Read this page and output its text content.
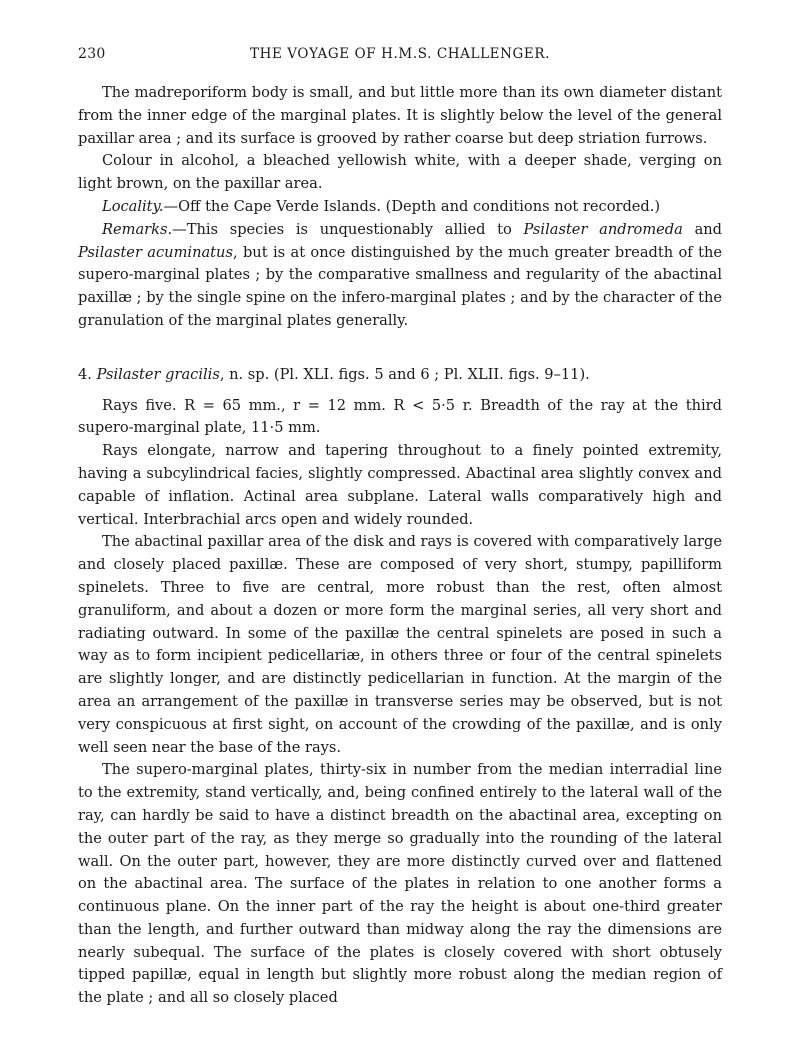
230	THE VOYAGE OF H.M.S. CHALLENGER.

The madreporiform body is small, and but little more than its own diameter distant from the inner edge of the marginal plates. It is slightly below the level of the general paxillar area ; and its surface is grooved by rather coarse but deep striation furrows.

Colour in alcohol, a bleached yellowish white, with a deeper shade, verging on light brown, on the paxillar area.

Locality.—Off the Cape Verde Islands. (Depth and conditions not recorded.)

Remarks.—This species is unquestionably allied to Psilaster andromeda and Psilaster acuminatus, but is at once distinguished by the much greater breadth of the supero-marginal plates ; by the comparative smallness and regularity of the abactinal paxillæ ; by the single spine on the infero-marginal plates ; and by the character of the granulation of the marginal plates generally.

4. Psilaster gracilis, n. sp. (Pl. XLI. figs. 5 and 6 ; Pl. XLII. figs. 9–11).

Rays five. R = 65 mm., r = 12 mm. R < 5·5 r. Breadth of the ray at the third supero-marginal plate, 11·5 mm.

Rays elongate, narrow and tapering throughout to a finely pointed extremity, having a subcylindrical facies, slightly compressed. Abactinal area slightly convex and capable of inflation. Actinal area subplane. Lateral walls comparatively high and vertical. Interbrachial arcs open and widely rounded.

The abactinal paxillar area of the disk and rays is covered with comparatively large and closely placed paxillæ. These are composed of very short, stumpy, papilliform spinelets. Three to five are central, more robust than the rest, often almost granuliform, and about a dozen or more form the marginal series, all very short and radiating outward. In some of the paxillæ the central spinelets are posed in such a way as to form incipient pedicellariæ, in others three or four of the central spinelets are slightly longer, and are distinctly pedicellarian in function. At the margin of the area an arrangement of the paxillæ in transverse series may be observed, but is not very conspicuous at first sight, on account of the crowding of the paxillæ, and is only well seen near the base of the rays.

The supero-marginal plates, thirty-six in number from the median interradial line to the extremity, stand vertically, and, being confined entirely to the lateral wall of the ray, can hardly be said to have a distinct breadth on the abactinal area, excepting on the outer part of the ray, as they merge so gradually into the rounding of the lateral wall. On the outer part, however, they are more distinctly curved over and flattened on the abactinal area. The surface of the plates in relation to one another forms a continuous plane. On the inner part of the ray the height is about one-third greater than the length, and further outward than midway along the ray the dimensions are nearly subequal. The surface of the plates is closely covered with short obtusely tipped papillæ, equal in length but slightly more robust along the median region of the plate ; and all so closely placed
